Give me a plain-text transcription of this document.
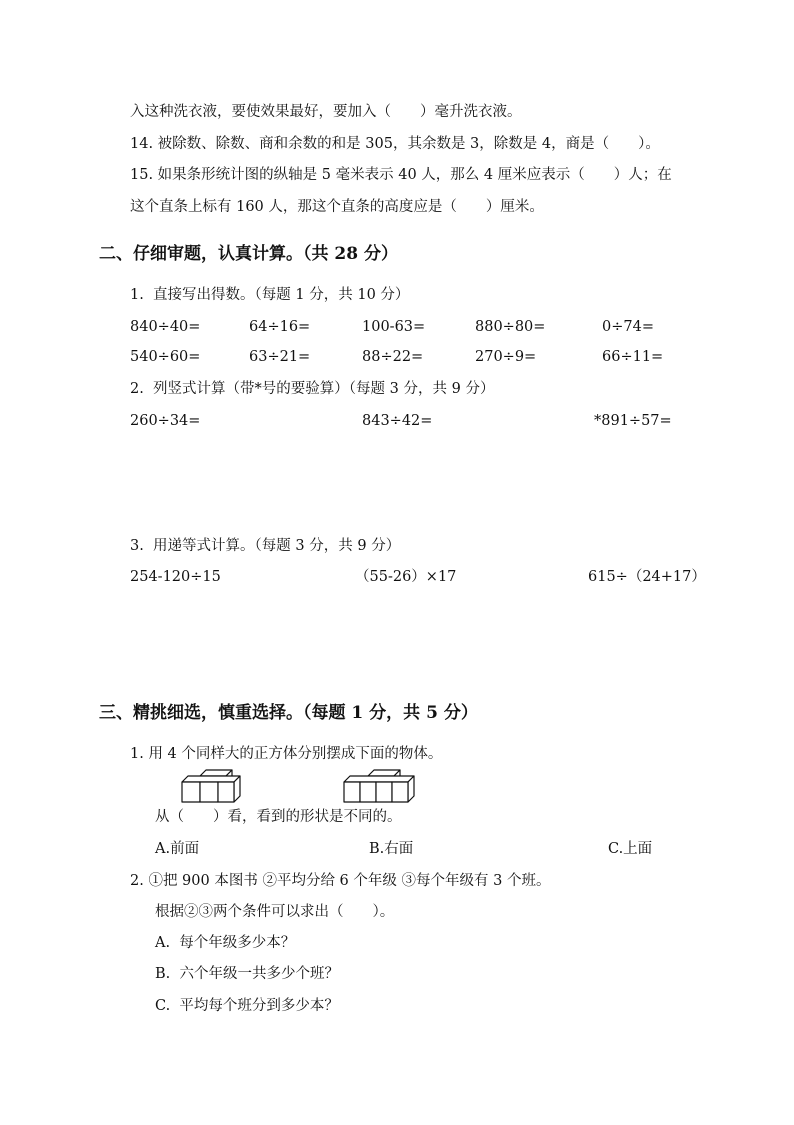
入这种洗衣液，要使效果最好，要加入（　　）毫升洗衣液。
14. 被除数、除数、商和余数的和是 305，其余数是 3，除数是 4，商是（　　）。
15. 如果条形统计图的纵轴是 5 毫米表示 40 人，那么 4 厘米应表示（　　）人；在
这个直条上标有 160 人，那这个直条的高度应是（　　）厘米。
二、仔细审题，认真计算。（共 28 分）
1.  直接写出得数。（每题 1 分，共 10 分）
840÷40=	64÷16=	100-63=	880÷80=	0÷74=
540÷60=	63÷21=	88÷22=	270÷9=	66÷11=
2.  列竖式计算（带*号的要验算）（每题 3 分，共 9 分）
260÷34=	843÷42=	*891÷57=
3.  用递等式计算。（每题 3 分，共 9 分）
254-120÷15	（55-26）×17	615÷（24+17）
三、精挑细选，慎重选择。（每题 1 分，共 5 分）
1. 用 4 个同样大的正方体分别摆成下面的物体。
从（　　）看，看到的形状是不同的。
A.前面	B.右面	C.上面
2. ①把 900 本图书 ②平均分给 6 个年级 ③每个年级有 3 个班。
根据②③两个条件可以求出（　　）。
A.  每个年级多少本？
B.  六个年级一共多少个班？
C.  平均每个班分到多少本？
